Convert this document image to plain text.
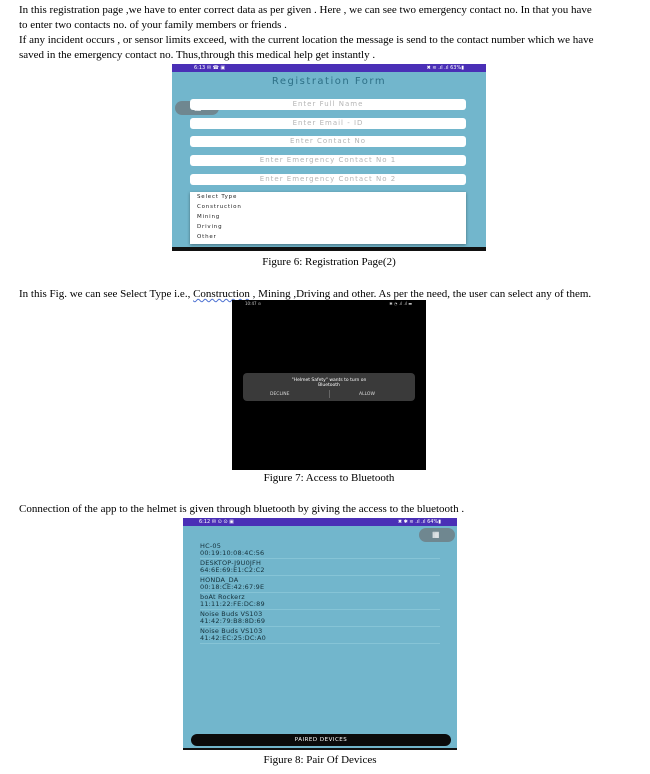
In this registration page ,we have to enter correct data as per given . Here , we can see two emergency contact no. In that you have
to enter two contacts no. of your family members or friends .
If any incident occurs , or sensor limits exceed, with the current location the message is send to the contact number which we have
saved in the emergency contact no. Thus,through this medical help get instantly .
6:13 ✉ ☎ ▣	✖ ≋ .ıl .ıl 63%▮
Registration Form
Enter Full Name
Enter Email - ID
Enter Contact No
Enter Emergency Contact No 1
Enter Emergency Contact No 2
Select Type
Construction
Mining
Driving
Other
Figure 6: Registration Page(2)
In this Fig. we can see Select Type i.e., Construction , Mining ,Driving and other. As per the need, the user can select any of them.
10:47 ⊙	✱ ◔ .ıl .ıl ▬
"Helmet Safety" wants to turn on
Bluetooth
DECLINE	ALLOW
Figure 7: Access to Bluetooth
Connection of the app to the helmet is given through bluetooth by giving the access to the bluetooth .
6:12 ✉ ⊙ ⊙ ▣	✖ ✱ ≋ .ıl .ıl 64%▮
▦
HC-05
00:19:10:08:4C:56
DESKTOP-J9U0JFH
64:6E:69:E1:C2:C2
HONDA_DA
00:18:CE:42:67:9E
boAt Rockerz
11:11:22:FE:DC:89
Noise Buds VS103
41:42:79:B8:8D:69
Noise Buds VS103
41:42:EC:25:DC:A0
PAIRED DEVICES
Figure 8: Pair Of Devices
